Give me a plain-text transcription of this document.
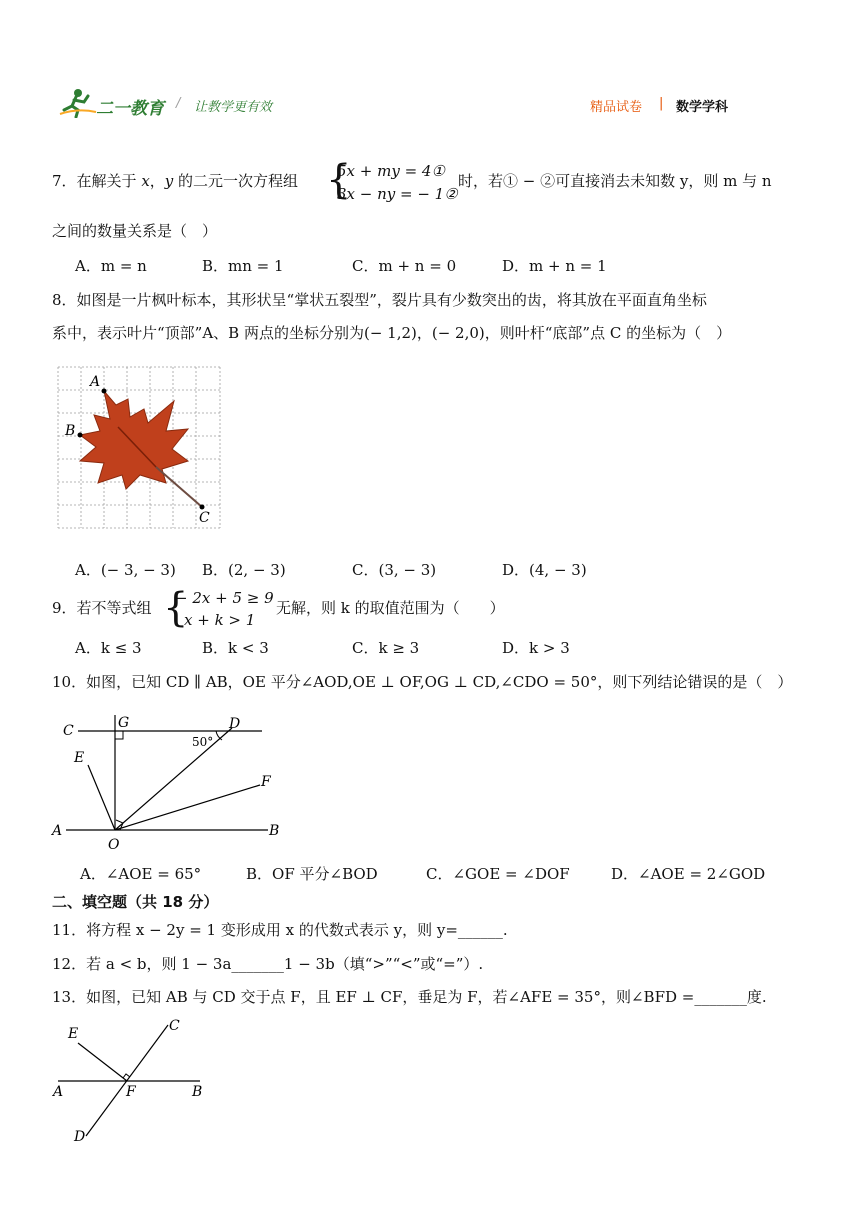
二一教育 / 让教学更有效	精品试卷 | 数学学科
7．在解关于 x，y 的二元一次方程组 {
5x + my = 4①
3x − ny = − 1②
时，若① − ②可直接消去未知数 y，则 m 与 n
之间的数量关系是（　）
A．m = n	B．mn = 1	C．m + n = 0	D．m + n = 1
8．如图是一片枫叶标本，其形状呈“掌状五裂型”，裂片具有少数突出的齿，将其放在平面直角坐标
系中，表示叶片“顶部”A、B 两点的坐标分别为(− 1,2)，(− 2,0)，则叶杆“底部”点 C 的坐标为（　）
A
B
C
A．(− 3, − 3) B．(2, − 3)	C．(3, − 3)	D．(4, − 3)
9．若不等式组 {
− 2x + 5 ≥ 9
x + k > 1
无解，则 k 的取值范围为（　　）
A．k ≤ 3	B．k < 3	C．k ≥ 3	D．k > 3
10．如图，已知 CD ∥ AB，OE 平分∠AOD,OE ⊥ OF,OG ⊥ CD,∠CDO = 50°，则下列结论错误的是（　）
C	G	D
50°
E
F
A
O
B
A．∠AOE = 65°	B．OF 平分∠BOD	C．∠GOE = ∠DOF	D．∠AOE = 2∠GOD
二、填空题（共 18 分）
11．将方程 x − 2y = 1 变形成用 x 的代数式表示 y，则 y=______.
12．若 a < b，则 1 − 3a_______1 − 3b（填“>”“<”或“=”）.
13．如图，已知 AB 与 CD 交于点 F，且 EF ⊥ CF，垂足为 F，若∠AFE = 35°，则∠BFD =_______度.
E	C
A	F	B
D
